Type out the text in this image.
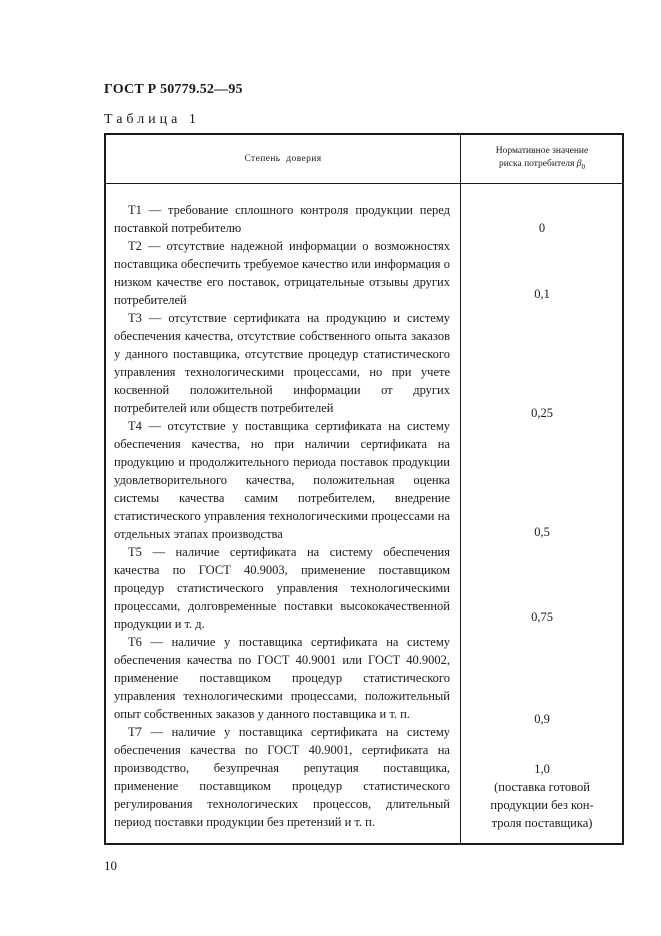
ГОСТ Р 50779.52—95
Таблица 1
Степень доверия
Нормативное значение
риска потребителя $\beta_0$

Т1 — требование сплошного контроля продукции перед поставкой потребителю

Т2 — отсутствие надежной информации о возможностях поставщика обеспечить требуемое качество или информация о низком качестве его поставок, отрицательные отзывы других потребителей

Т3 — отсутствие сертификата на продукцию и систему обеспечения качества, отсутствие собственного опыта заказов у данного поставщика, отсутствие процедур статистического управления технологическими процессами, но при учете косвенной положительной информации от других потребителей или обществ потребителей

Т4 — отсутствие у поставщика сертификата на систему обеспечения качества, но при наличии сертификата на продукцию и продолжительного периода поставок продукции удовлетворительного качества, положительная оценка системы качества самим потребителем, внедрение статистического управления технологическими процессами на отдельных этапах производства

Т5 — наличие сертификата на систему обеспечения качества по ГОСТ 40.9003, применение поставщиком процедур статистического управления технологическими процессами, долговременные поставки высококачественной продукции и т. д.

Т6 — наличие у поставщика сертификата на систему обеспечения качества по ГОСТ 40.9001 или ГОСТ 40.9002, применение поставщиком процедур статистического управления технологическими процессами, положительный опыт собственных заказов у данного поставщика и т. п.

Т7 — наличие у поставщика сертификата на систему обеспечения качества по ГОСТ 40.9001, сертификата на производство, безупречная репутация поставщика, применение поставщиком процедур статистического регулирования технологических процессов, длительный период поставки продукции без претензий и т. п.

0
0,1
0,25
0,5
0,75
0,9
1,0
(поставка готовой
продукции без кон-
троля поставщика)
10
